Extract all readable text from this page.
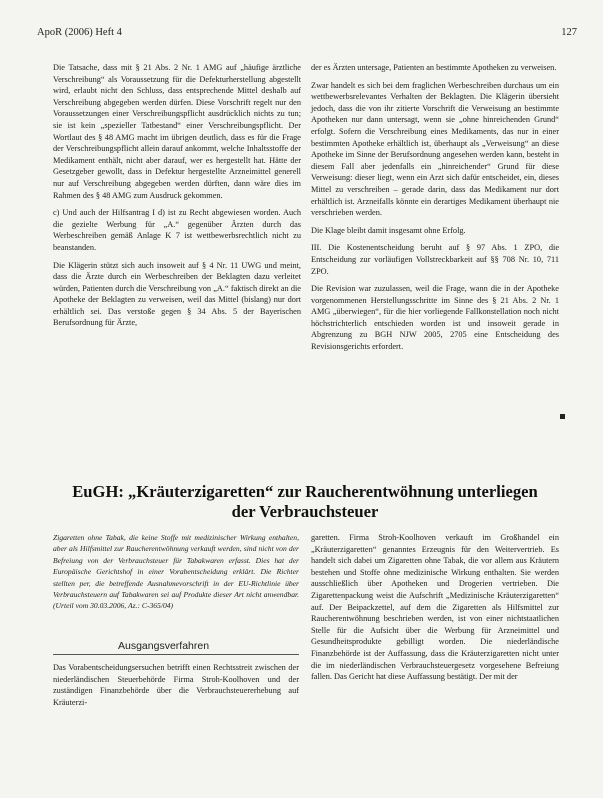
ApoR (2006) Heft 4	127

Die Tatsache, dass mit § 21 Abs. 2 Nr. 1 AMG auf „häufige ärztliche Verschreibung“ als Voraussetzung für die Defekturherstellung abgestellt wird, erlaubt nicht den Schluss, dass entsprechende Mittel deshalb auf Verschreibung abgegeben werden dürfen. Diese Vorschrift regelt nur den Voraussetzungen einer Verschreibungspflicht ausdrücklich nichts zu tun; sie ist kein „spezieller Tatbestand“ einer Verschreibungspflicht. Der Wortlaut des § 48 AMG macht im übrigen deutlich, dass es für die Frage der Verschreibungspflicht allein darauf ankommt, welche Inhaltsstoffe der Medikament enthält, nicht aber darauf, wer es hergestellt hat. Hätte der Gesetzgeber gewollt, dass in Defektur hergestellte Arzneimittel generell nur auf Verschreibung abgegeben werden dürften, dann wäre dies im Rahmen des § 48 AMG zum Ausdruck gekommen.

c) Und auch der Hilfsantrag I d) ist zu Recht abgewiesen worden. Auch die gezielte Werbung für „A.“ gegenüber Ärzten durch das Werbeschreiben gemäß Anlage K 7 ist wettbewerbsrechtlich nicht zu beanstanden.

Die Klägerin stützt sich auch insoweit auf § 4 Nr. 11 UWG und meint, dass die Ärzte durch ein Werbeschreiben der Beklagten dazu verleitet würden, Patienten durch die Verschreibung von „A.“ faktisch direkt an die Apotheke der Beklagten zu verweisen, weil das Mittel (bislang) nur dort erhältlich sei. Das verstoße gegen § 34 Abs. 5 der Bayerischen Berufsordnung für Ärzte,

der es Ärzten untersage, Patienten an bestimmte Apotheken zu verweisen.

Zwar handelt es sich bei dem fraglichen Werbeschreiben durchaus um ein wettbewerbsrelevantes Verhalten der Beklagten. Die Klägerin übersieht jedoch, dass die von ihr zitierte Vorschrift die Verweisung an bestimmte Apotheken nur dann untersagt, wenn sie „ohne hinreichenden Grund“ erfolgt. Sofern die Verschreibung eines Medikaments, das nur in einer bestimmten Apotheke erhältlich ist, überhaupt als „Verweisung“ an diese Apotheke im Sinne der Berufsordnung angesehen werden kann, besteht in diesem Fall aber jedenfalls ein „hinreichender“ Grund für diese Verweisung: dieser liegt, wenn ein Arzt sich dafür entscheidet, ein, dieses Mittel zu verschreiben – gerade darin, dass das Medikament nur dort erhältlich ist. Arzneifalls könnte ein derartiges Medikament überhaupt nie verschrieben werden.

Die Klage bleibt damit insgesamt ohne Erfolg.

III. Die Kostenentscheidung beruht auf § 97 Abs. 1 ZPO, die Entscheidung zur vorläufigen Vollstreckbarkeit auf §§ 708 Nr. 10, 711 ZPO.

Die Revision war zuzulassen, weil die Frage, wann die in der Apotheke vorgenommenen Herstellungsschritte im Sinne des § 21 Abs. 2 Nr. 1 AMG „überwiegen“, für die hier vorliegende Fallkonstellation noch nicht höchstrichterlich entschieden worden ist und insoweit gerade in Abgrenzung zu BGH NJW 2005, 2705 eine Entscheidung des Revisionsgerichts erfordert.

EuGH: „Kräuterzigaretten“ zur Raucherentwöhnung unterliegen
der Verbrauchsteuer
Zigaretten ohne Tabak, die keine Stoffe mit medizinischer Wirkung enthalten, aber als Hilfsmittel zur Raucherentwöhnung verkauft werden, sind nicht von der Befreiung von der Verbrauchsteuer für Tabakwaren erfasst. Dies hat der Europäische Gerichtshof in einer Vorabentscheidung erklärt. Die Richter stellten per, die betreffende Ausnahmevorschrift in der EU-Richtlinie über Verbrauchsteuern auf Tabakwaren sei auf Produkte dieser Art nicht anwendbar. (Urteil vom 30.03.2006, Az.: C-365/04)
Ausgangsverfahren

Das Vorabentscheidungsersuchen betrifft einen Rechtsstreit zwischen der niederländischen Steuerbehörde Firma Stroh-Koolhoven und der zuständigen Finanzbehörde über die Verbrauchsteuererhebung auf Kräuterzi-

garetten. Firma Stroh-Koolhoven verkauft im Großhandel ein „Kräuterzigaretten“ genanntes Erzeugnis für den Weitervertrieb. Es handelt sich dabei um Zigaretten ohne Tabak, die vor allem aus Kräutern bestehen und Stoffe ohne medizinische Wirkung enthalten. Sie werden ausschließlich über Apotheken und Drogerien vertrieben. Die Zigarettenpackung weist die Aufschrift „Medizinische Kräuterzigaretten“ auf. Der Beipackzettel, auf dem die Zigaretten als Hilfsmittel zur Raucherentwöhnung beschrieben werden, ist von einer nichtstaatlichen Stelle für die Aufsicht über die Werbung für Arzneimittel und Gesundheitsprodukte gebilligt worden. Die niederländische Finanzbehörde ist der Auffassung, dass die Kräuterzigaretten nicht unter die im niederländischen Verbrauchsteuergesetz vorgesehene Befreiung fallen. Das Gericht hat diese Auffassung bestätigt. Der mit der
